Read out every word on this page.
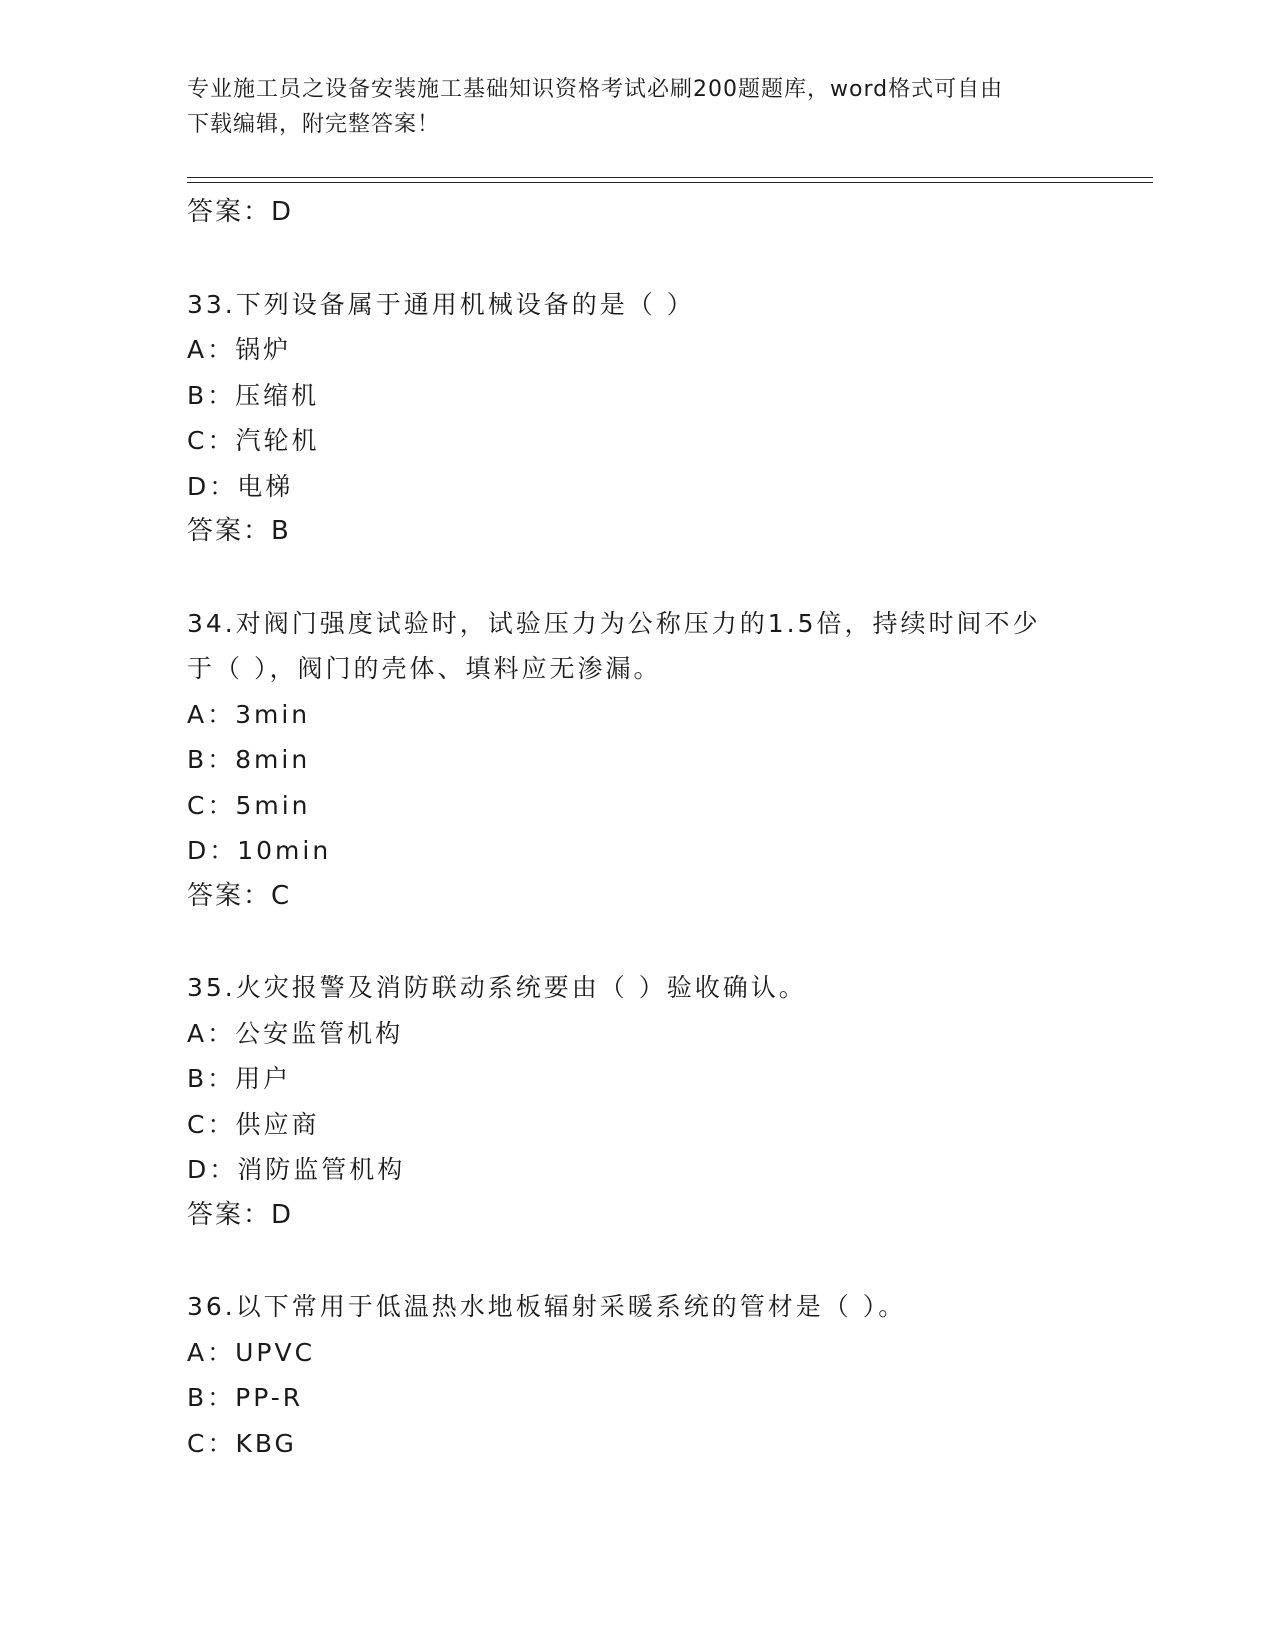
专业施工员之设备安装施工基础知识资格考试必刷200题题库，word格式可自由
下载编辑，附完整答案！
答案：D
33.下列设备属于通用机械设备的是（ ）
A：锅炉
B：压缩机
C：汽轮机
D：电梯
答案：B
34.对阀门强度试验时，试验压力为公称压力的1.5倍，持续时间不少
于（ ），阀门的壳体、填料应无渗漏。
A：3min
B：8min
C：5min
D：10min
答案：C
35.火灾报警及消防联动系统要由（ ）验收确认。
A：公安监管机构
B：用户
C：供应商
D：消防监管机构
答案：D
36.以下常用于低温热水地板辐射采暖系统的管材是（ ）。
A：UPVC
B：PP-R
C：KBG
